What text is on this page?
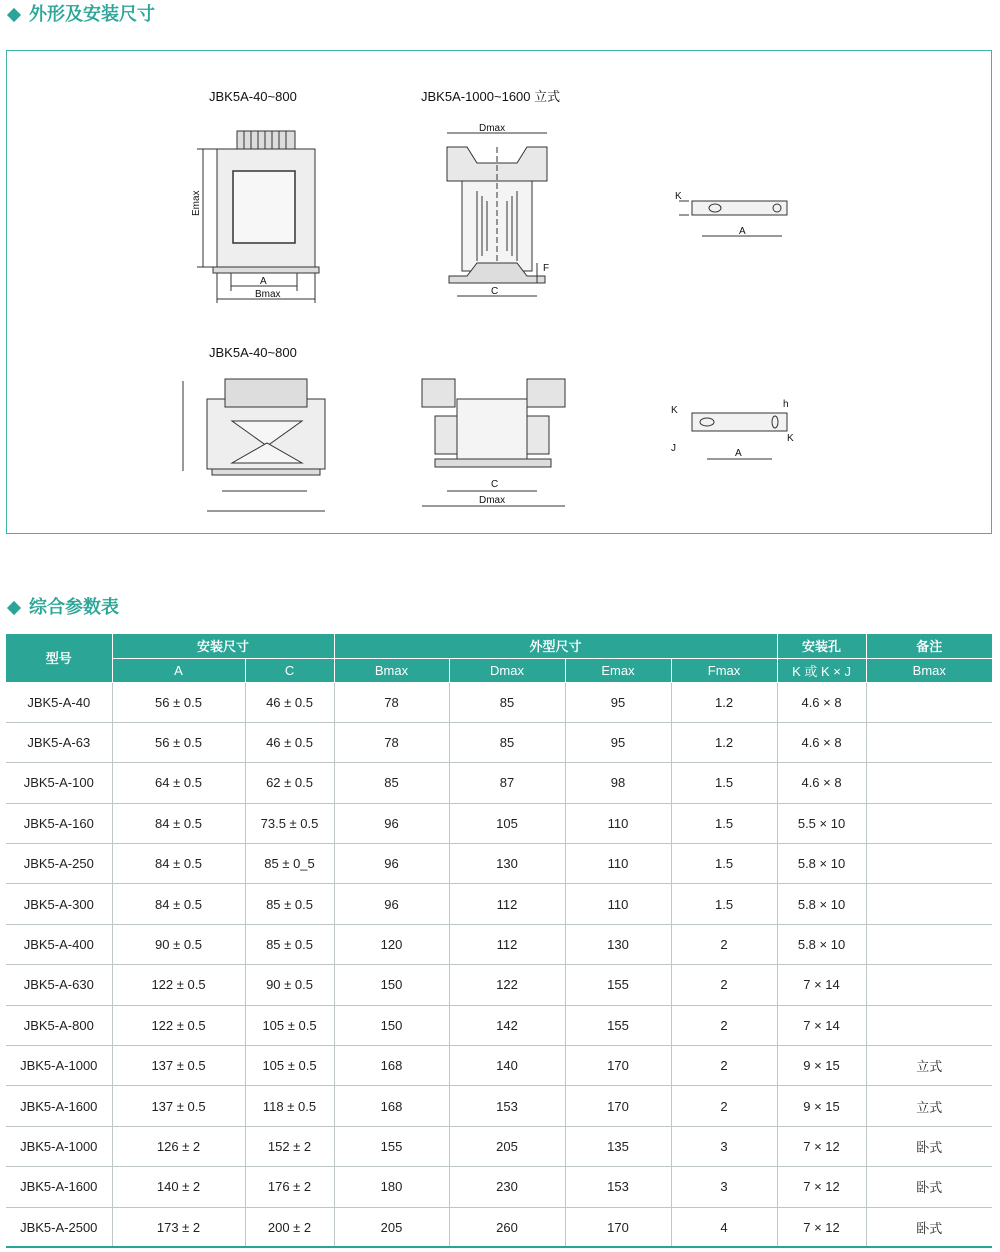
外形及安装尺寸
JBK5A-40~800	JBK5A-1000~1600 立式
JBK5A-40~800
Emax
A
Bmax
Dmax
C
F
K
A
C
Dmax
K
J
h
K
A
综合参数表
型号	安装尺寸		外型尺寸				安装孔	备注
	A	C	Bmax	Dmax	Emax	Fmax	K 或 K × J	Bmax
JBK5-A-40	56 ± 0.5	46 ± 0.5	78	85	95	1.2	4.6 × 8	
JBK5-A-63	56 ± 0.5	46 ± 0.5	78	85	95	1.2	4.6 × 8	
JBK5-A-100	64 ± 0.5	62 ± 0.5	85	87	98	1.5	4.6 × 8	
JBK5-A-160	84 ± 0.5	73.5 ± 0.5	96	105	110	1.5	5.5 × 10	
JBK5-A-250	84 ± 0.5	85 ± 0_5	96	130	110	1.5	5.8 × 10	
JBK5-A-300	84 ± 0.5	85 ± 0.5	96	112	110	1.5	5.8 × 10	
JBK5-A-400	90 ± 0.5	85 ± 0.5	120	112	130	2	5.8 × 10	
JBK5-A-630	122 ± 0.5	90 ± 0.5	150	122	155	2	7 × 14	
JBK5-A-800	122 ± 0.5	105 ± 0.5	150	142	155	2	7 × 14	
JBK5-A-1000	137 ± 0.5	105 ± 0.5	168	140	170	2	9 × 15	立式
JBK5-A-1600	137 ± 0.5	118 ± 0.5	168	153	170	2	9 × 15	立式
JBK5-A-1000	126 ± 2	152 ± 2	155	205	135	3	7 × 12	卧式
JBK5-A-1600	140 ± 2	176 ± 2	180	230	153	3	7 × 12	卧式
JBK5-A-2500	173 ± 2	200 ± 2	205	260	170	4	7 × 12	卧式
